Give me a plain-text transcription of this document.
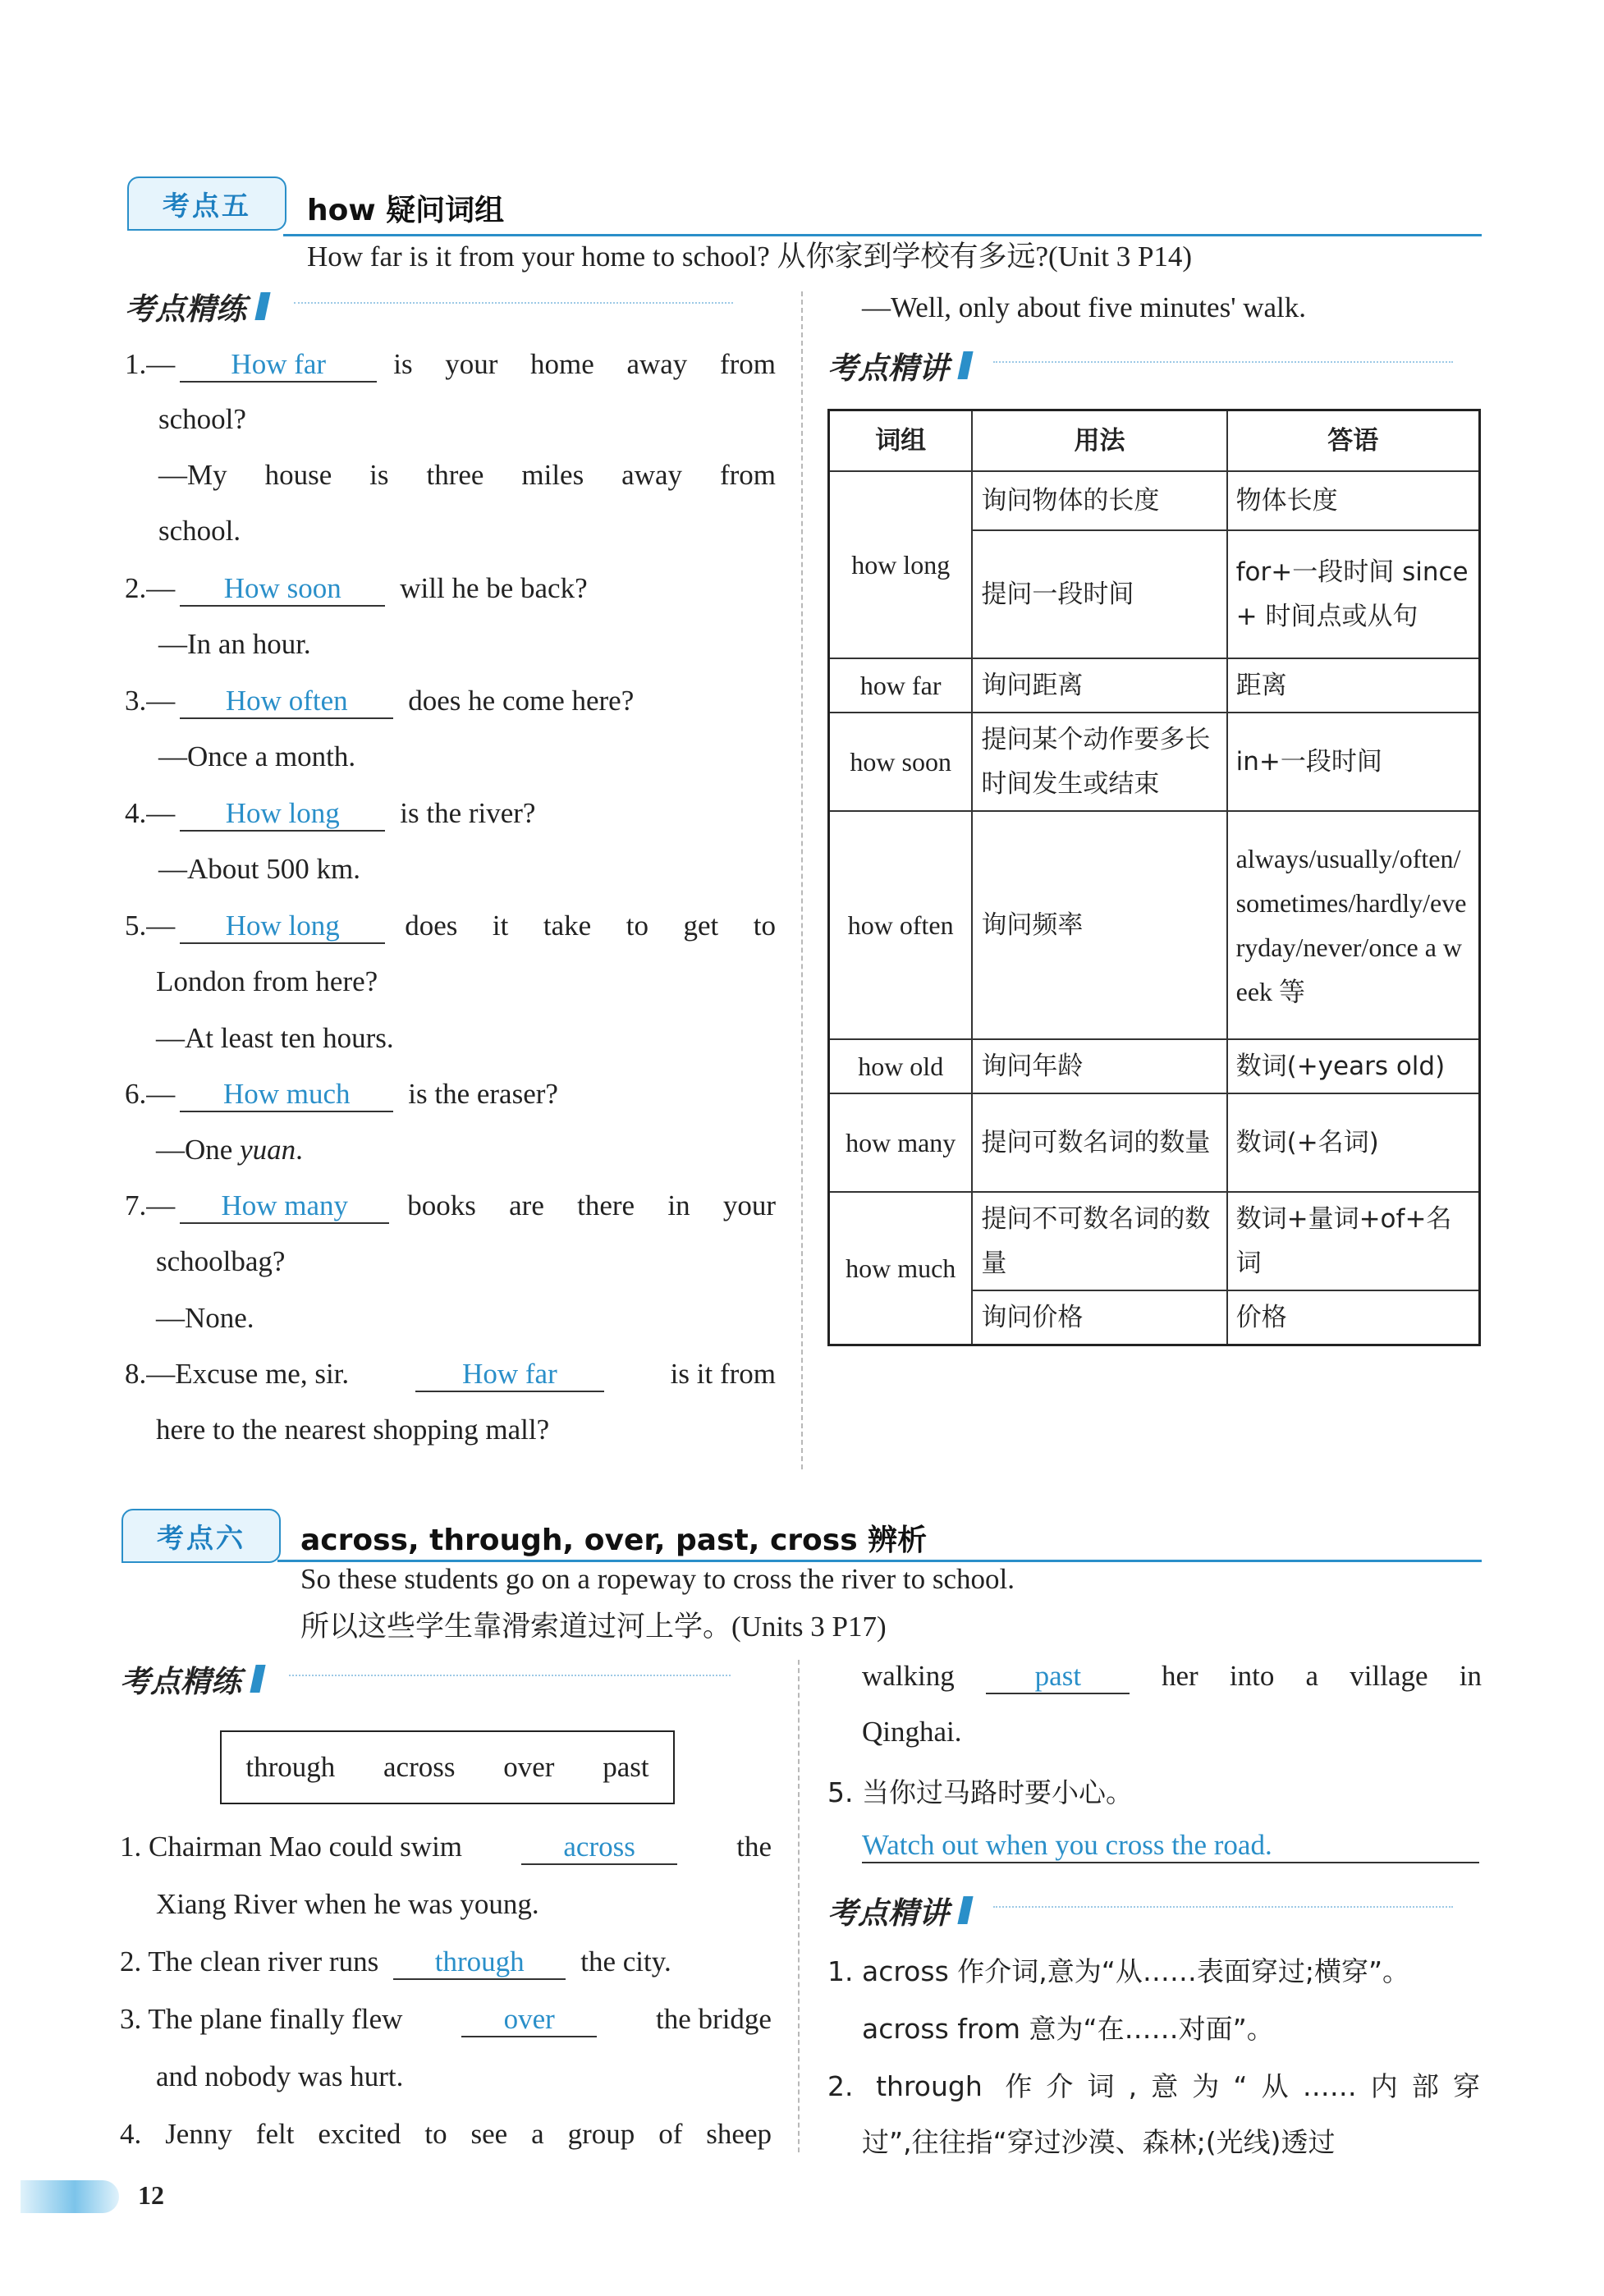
考点五	how 疑问词组
How far is it from your home to school? 从你家到学校有多远?(Unit 3 P14)
考点精练
1.— How far	is your home away from
school?
—My house is three miles away from
school.
2.— How soon will he be back?
—In an hour.
3.— How often does he come here?
—Once a month.
4.— How long is the river?
—About 500 km.
5.— How long	does it take to get to
London from here?
—At least ten hours.
6.— How much is the eraser?
—One yuan.
7.— How many	books are there in your
schoolbag?
—None.
8.—Excuse me, sir.	How far	is it from
here to the nearest shopping mall?
—Well, only about five minutes' walk.
考点精讲
词组	用法	答语
how long	询问物体的长度	物体长度
	提问一段时间	for+一段时间 since + 时间点或从句
how far	询问距离	距离
how soon	提问某个动作要多长时间发生或结束	in+一段时间
how often	询问频率	always/usually/often/sometimes/hardly/everyday/never/once a week 等
how old	询问年龄	数词(+years old)
how many	提问可数名词的数量	数词(+名词)
how much	提问不可数名词的数量	数词+量词+of+名词
	询问价格	价格
考点六	across, through, over, past, cross 辨析
So these students go on a ropeway to cross the river to school.
所以这些学生靠滑索道过河上学。(Units 3 P17)
考点精练
through across over past
1. Chairman Mao could swim	across	the
Xiang River when he was young.
2. The clean river runs through the city.
3. The plane finally flew	over	the bridge
and nobody was hurt.
4. Jenny felt excited to see a group of sheep
walking	past	her into a village in
Qinghai.
5. 当你过马路时要小心。
Watch out when you cross the road.
考点精讲
1. across 作介词,意为“从……表面穿过;横穿”。
across from 意为“在……对面”。
2. through 作介词,意为“从……内部穿
过”,往往指“穿过沙漠、森林;(光线)透过
12
